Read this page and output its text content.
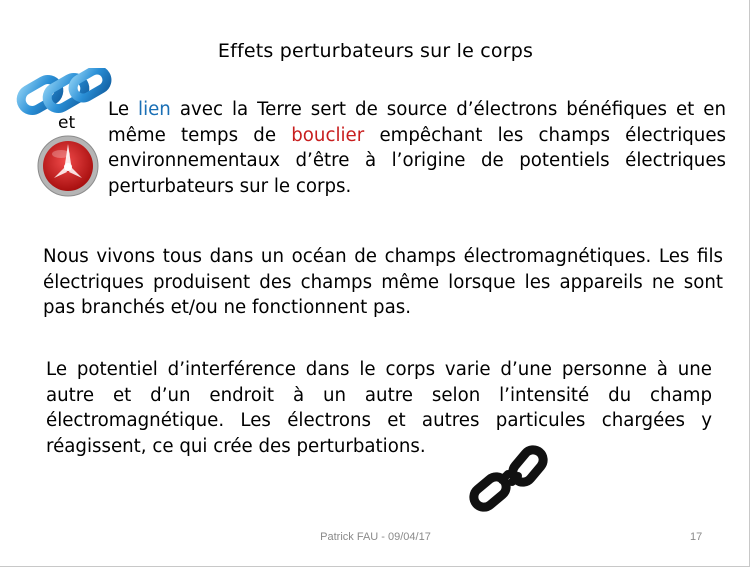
Effets perturbateurs sur le corps
et
Le lien avec la Terre sert de source d’électrons bénéfiques et en même temps de bouclier empêchant les champs électriques environnementaux d’être à l’origine de potentiels électriques perturbateurs sur le corps.
Nous vivons tous dans un océan de champs électromagnétiques. Les fils électriques produisent des champs même lorsque les appareils ne sont pas branchés et/ou ne fonctionnent pas.
Le potentiel d’interférence dans le corps varie d’une personne à une autre et d’un endroit à un autre selon l’intensité du champ électromagnétique. Les électrons et autres particules chargées y réagissent, ce qui crée des perturbations.
Patrick FAU - 09/04/17	17
